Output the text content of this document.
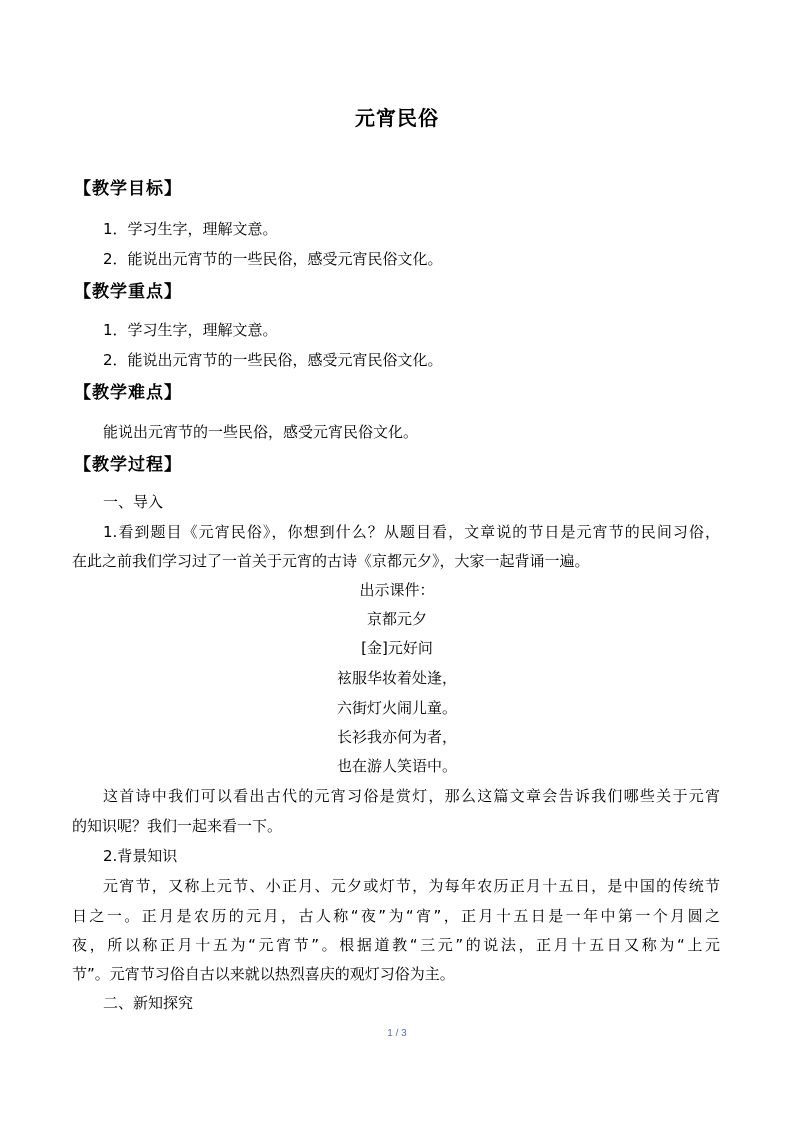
元宵民俗
【教学目标】
1．学习生字，理解文意。
2．能说出元宵节的一些民俗，感受元宵民俗文化。
【教学重点】
1．学习生字，理解文意。
2．能说出元宵节的一些民俗，感受元宵民俗文化。
【教学难点】
能说出元宵节的一些民俗，感受元宵民俗文化。
【教学过程】
一、导入
1.看到题目《元宵民俗》，你想到什么？从题目看，文章说的节日是元宵节的民间习俗，
在此之前我们学习过了一首关于元宵的古诗《京都元夕》，大家一起背诵一遍。
出示课件：
京都元夕
[金]元好问
袨服华妆着处逢，
六街灯火闹儿童。
长衫我亦何为者，
也在游人笑语中。
这首诗中我们可以看出古代的元宵习俗是赏灯，那么这篇文章会告诉我们哪些关于元宵
的知识呢？我们一起来看一下。
2.背景知识
元宵节，又称上元节、小正月、元夕或灯节，为每年农历正月十五日，是中国的传统节
日之一。正月是农历的元月，古人称“夜”为“宵”，正月十五日是一年中第一个月圆之
夜，所以称正月十五为“元宵节”。根据道教“三元”的说法，正月十五日又称为“上元
节”。元宵节习俗自古以来就以热烈喜庆的观灯习俗为主。
二、新知探究
1 / 3
